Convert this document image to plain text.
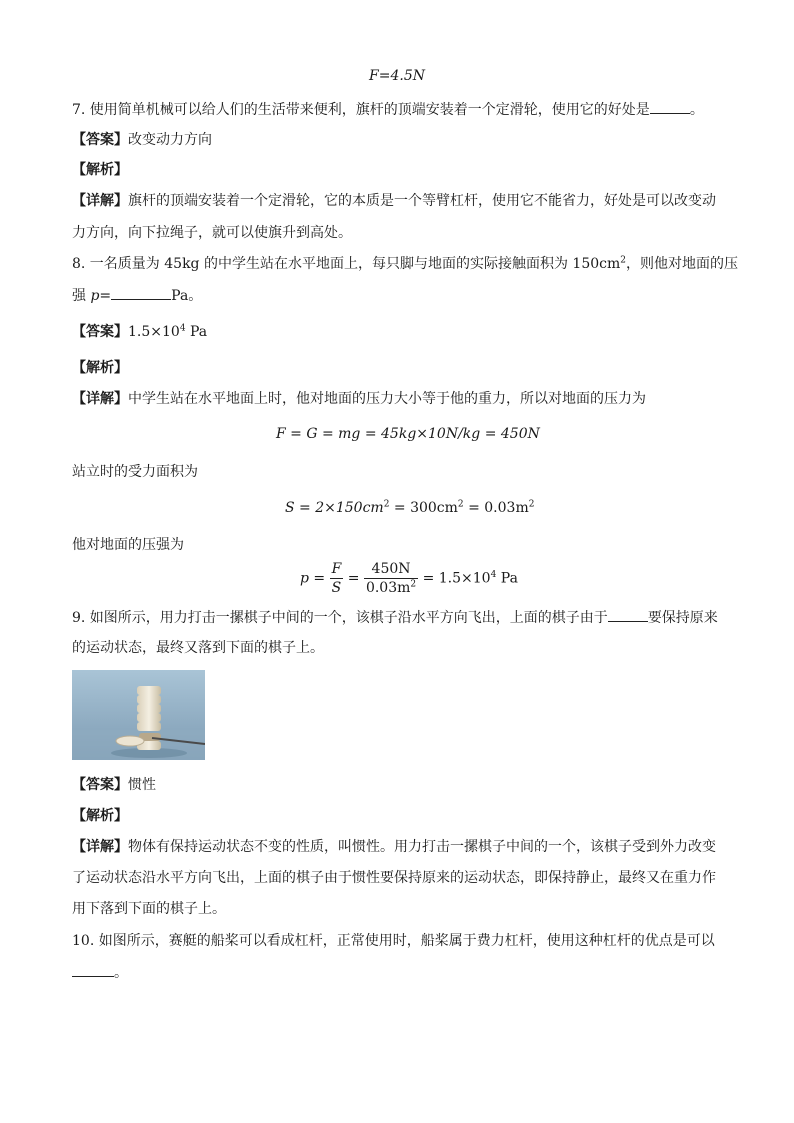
F=4.5N
7. 使用简单机械可以给人们的生活带来便利，旗杆的顶端安装着一个定滑轮，使用它的好处是	。
【答案】改变动力方向
【解析】
【详解】旗杆的顶端安装着一个定滑轮，它的本质是一个等臂杠杆，使用它不能省力，好处是可以改变动
力方向，向下拉绳子，就可以使旗升到高处。
8. 一名质量为 45kg 的中学生站在水平地面上，每只脚与地面的实际接触面积为 $150cm^2$，则他对地面的压
强 p=	Pa。
【答案】$1.5\times 10^4$ Pa
【解析】
【详解】中学生站在水平地面上时，他对地面的压力大小等于他的重力，所以对地面的压力为
F = G = mg = 45kg×10N/kg = 450N
站立时的受力面积为
$S = 2\times 150cm^2 = 300cm^2 = 0.03m^2$
他对地面的压强为
$p = \frac{F}{S} = \frac{450N}{0.03m^2} = 1.5\times 10^4$ Pa
9. 如图所示，用力打击一摞棋子中间的一个，该棋子沿水平方向飞出，上面的棋子由于	要保持原来
的运动状态，最终又落到下面的棋子上。
【答案】惯性
【解析】
【详解】物体有保持运动状态不变的性质，叫惯性。用力打击一摞棋子中间的一个，该棋子受到外力改变
了运动状态沿水平方向飞出，上面的棋子由于惯性要保持原来的运动状态，即保持静止，最终又在重力作
用下落到下面的棋子上。
10. 如图所示，赛艇的船桨可以看成杠杆，正常使用时，船桨属于费力杠杆，使用这种杠杆的优点是可以
。
